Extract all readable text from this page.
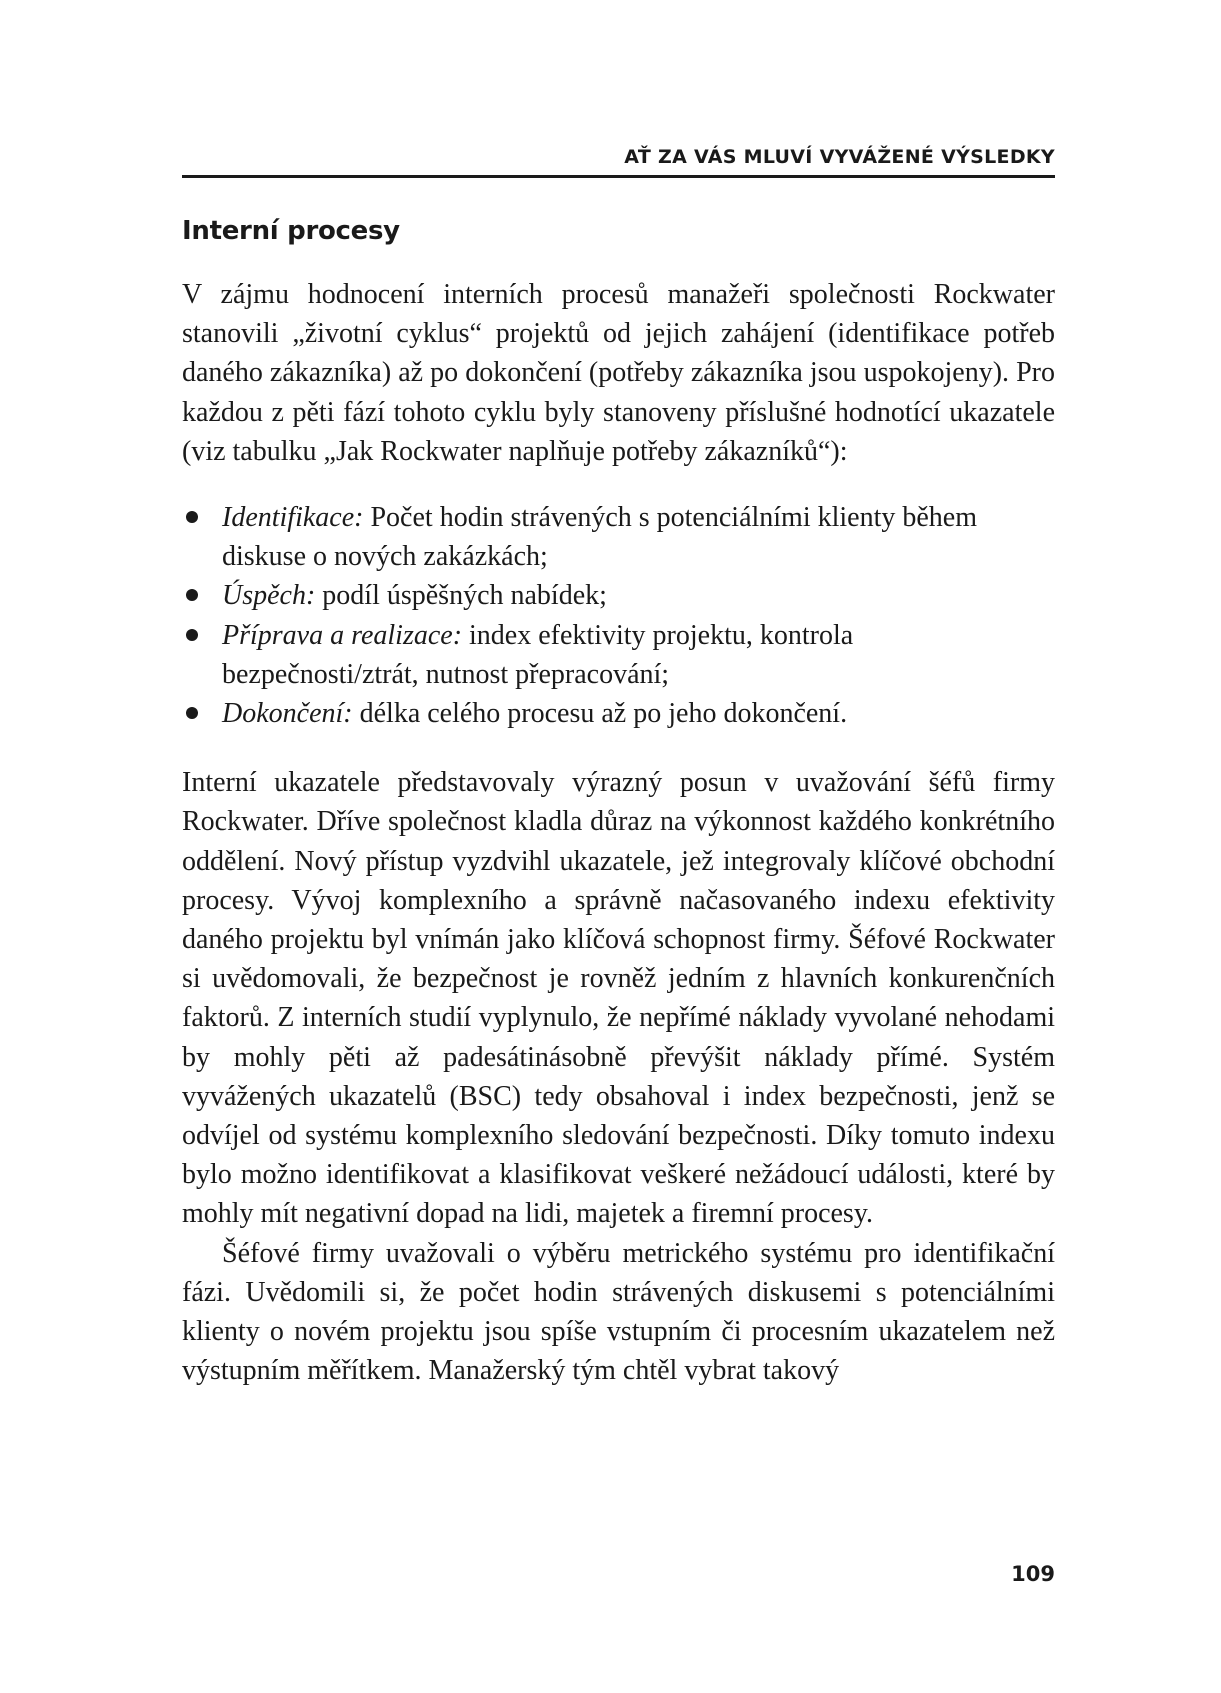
AŤ ZA VÁS MLUVÍ VYVÁŽENÉ VÝSLEDKY
Interní procesy

V zájmu hodnocení interních procesů manažeři společnosti Rockwater stanovili „životní cyklus“ projektů od jejich zahájení (identifikace potřeb daného zákazníka) až po dokončení (potřeby zákazníka jsou uspokojeny). Pro každou z pěti fází tohoto cyklu byly stanoveny příslušné hodnotící ukazatele (viz tabulku „Jak Rockwater naplňuje potřeby zákazníků“):

Identifikace: Počet hodin strávených s potenciálními klienty během diskuse o nových zakázkách;
Úspěch: podíl úspěšných nabídek;
Příprava a realizace: index efektivity projektu, kontrola bezpečnosti/ztrát, nutnost přepracování;
Dokončení: délka celého procesu až po jeho dokončení.

Interní ukazatele představovaly výrazný posun v uvažování šéfů firmy Rockwater. Dříve společnost kladla důraz na výkonnost každého konkrétního oddělení. Nový přístup vyzdvihl ukazatele, jež integrovaly klíčové obchodní procesy. Vývoj komplexního a správně načasovaného indexu efektivity daného projektu byl vnímán jako klíčová schopnost firmy. Šéfové Rockwater si uvědomovali, že bezpečnost je rovněž jedním z hlavních konkurenčních faktorů. Z interních studií vyplynulo, že nepřímé náklady vyvolané nehodami by mohly pěti až padesátinásobně převýšit náklady přímé. Systém vyvážených ukazatelů (BSC) tedy obsahoval i index bezpečnosti, jenž se odvíjel od systému komplexního sledování bezpečnosti. Díky tomuto indexu bylo možno identifikovat a klasifikovat veškeré nežádoucí události, které by mohly mít negativní dopad na lidi, majetek a firemní procesy.

Šéfové firmy uvažovali o výběru metrického systému pro identifikační fázi. Uvědomili si, že počet hodin strávených diskusemi s potenciálními klienty o novém projektu jsou spíše vstupním či procesním ukazatelem než výstupním měřítkem. Manažerský tým chtěl vybrat takový

109
